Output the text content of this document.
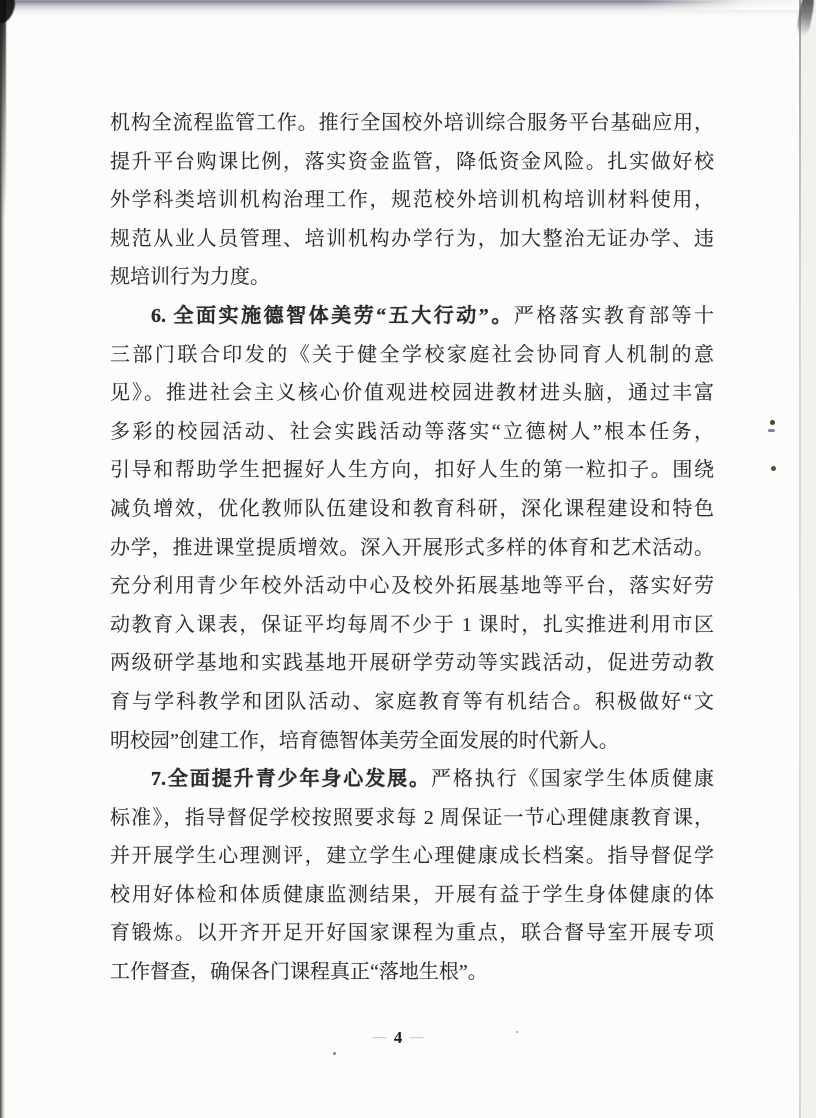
机构全流程监管工作。推行全国校外培训综合服务平台基础应用，
提升平台购课比例，落实资金监管，降低资金风险。扎实做好校
外学科类培训机构治理工作，规范校外培训机构培训材料使用，
规范从业人员管理、培训机构办学行为，加大整治无证办学、违
规培训行为力度。
6. 全面实施德智体美劳“五大行动”。严格落实教育部等十
三部门联合印发的《关于健全学校家庭社会协同育人机制的意
见》。推进社会主义核心价值观进校园进教材进头脑，通过丰富
多彩的校园活动、社会实践活动等落实“立德树人”根本任务，
引导和帮助学生把握好人生方向，扣好人生的第一粒扣子。围绕
减负增效，优化教师队伍建设和教育科研，深化课程建设和特色
办学，推进课堂提质增效。深入开展形式多样的体育和艺术活动。
充分利用青少年校外活动中心及校外拓展基地等平台，落实好劳
动教育入课表，保证平均每周不少于 1 课时，扎实推进利用市区
两级研学基地和实践基地开展研学劳动等实践活动，促进劳动教
育与学科教学和团队活动、家庭教育等有机结合。积极做好“文
明校园”创建工作，培育德智体美劳全面发展的时代新人。
7.全面提升青少年身心发展。严格执行《国家学生体质健康
标准》，指导督促学校按照要求每 2 周保证一节心理健康教育课，
并开展学生心理测评，建立学生心理健康成长档案。指导督促学
校用好体检和体质健康监测结果，开展有益于学生身体健康的体
育锻炼。以开齐开足开好国家课程为重点，联合督导室开展专项
工作督查，确保各门课程真正“落地生根”。
— 4 —
